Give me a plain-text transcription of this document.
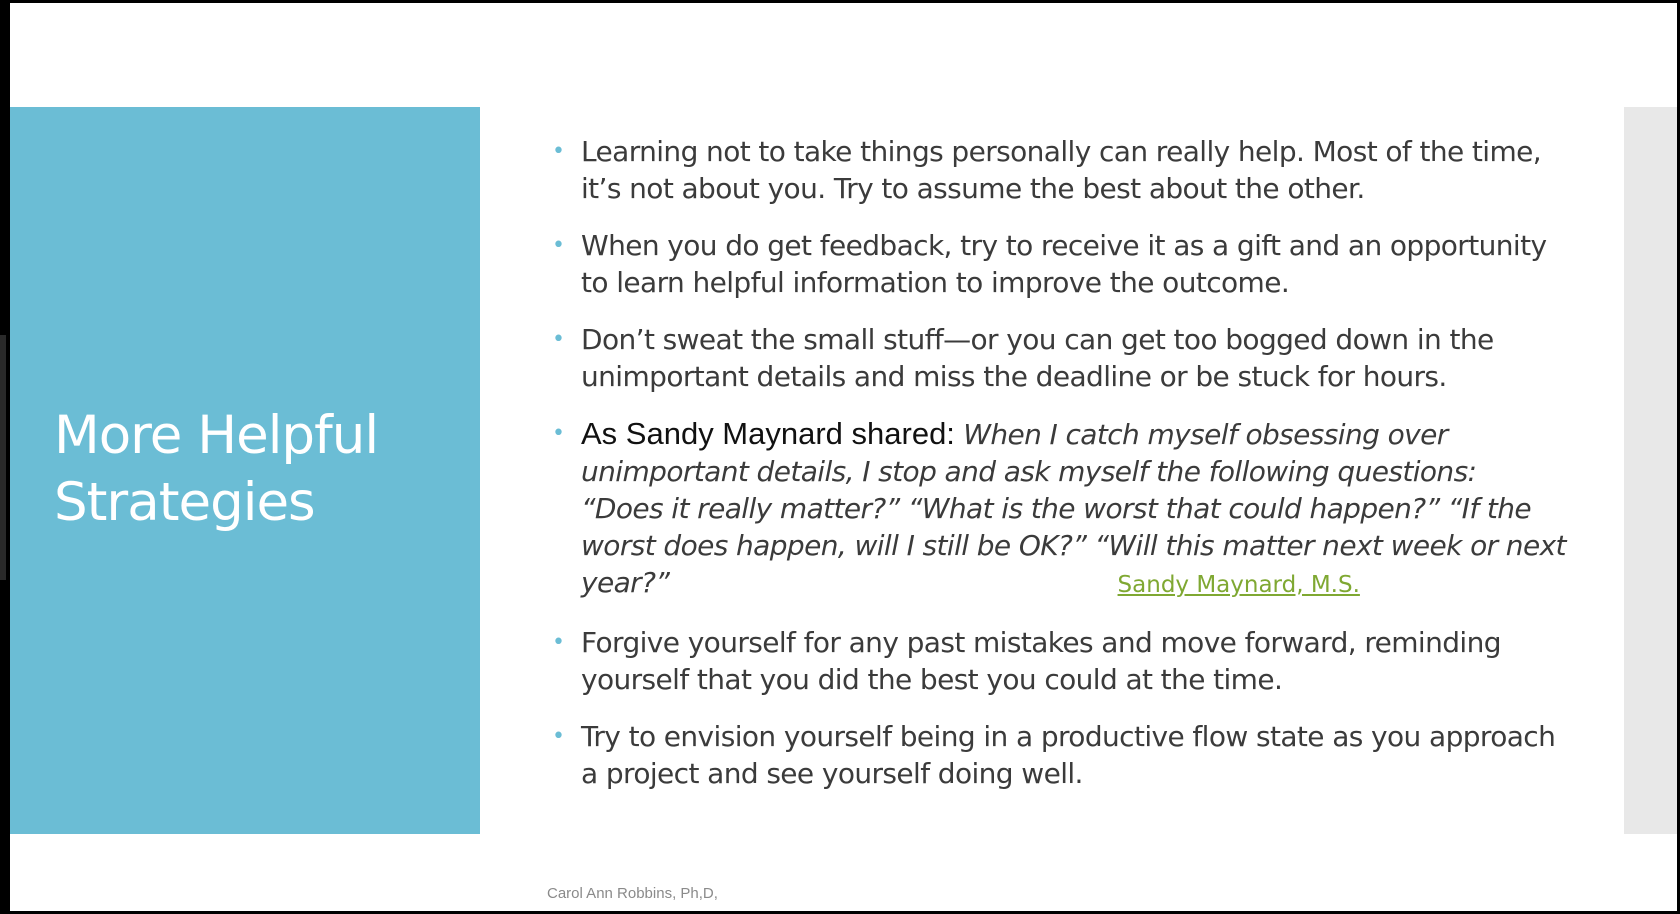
More Helpful
Strategies
• Learning not to take things personally can really help. Most of the time, it’s not about you. Try to assume the best about the other.
• When you do get feedback, try to receive it as a gift and an opportunity to learn helpful information to improve the outcome.
• Don’t sweat the small stuff—or you can get too bogged down in the unimportant details and miss the deadline or be stuck for hours.
• As Sandy Maynard shared: When I catch myself obsessing over unimportant details, I stop and ask myself the following questions: “Does it really matter?” “What is the worst that could happen?” “If the worst does happen, will I still be OK?” “Will this matter next week or next year?”	Sandy Maynard, M.S.
• Forgive yourself for any past mistakes and move forward, reminding yourself that you did the best you could at the time.
• Try to envision yourself being in a productive flow state as you approach a project and see yourself doing well.

Carol Ann Robbins, Ph,D,
